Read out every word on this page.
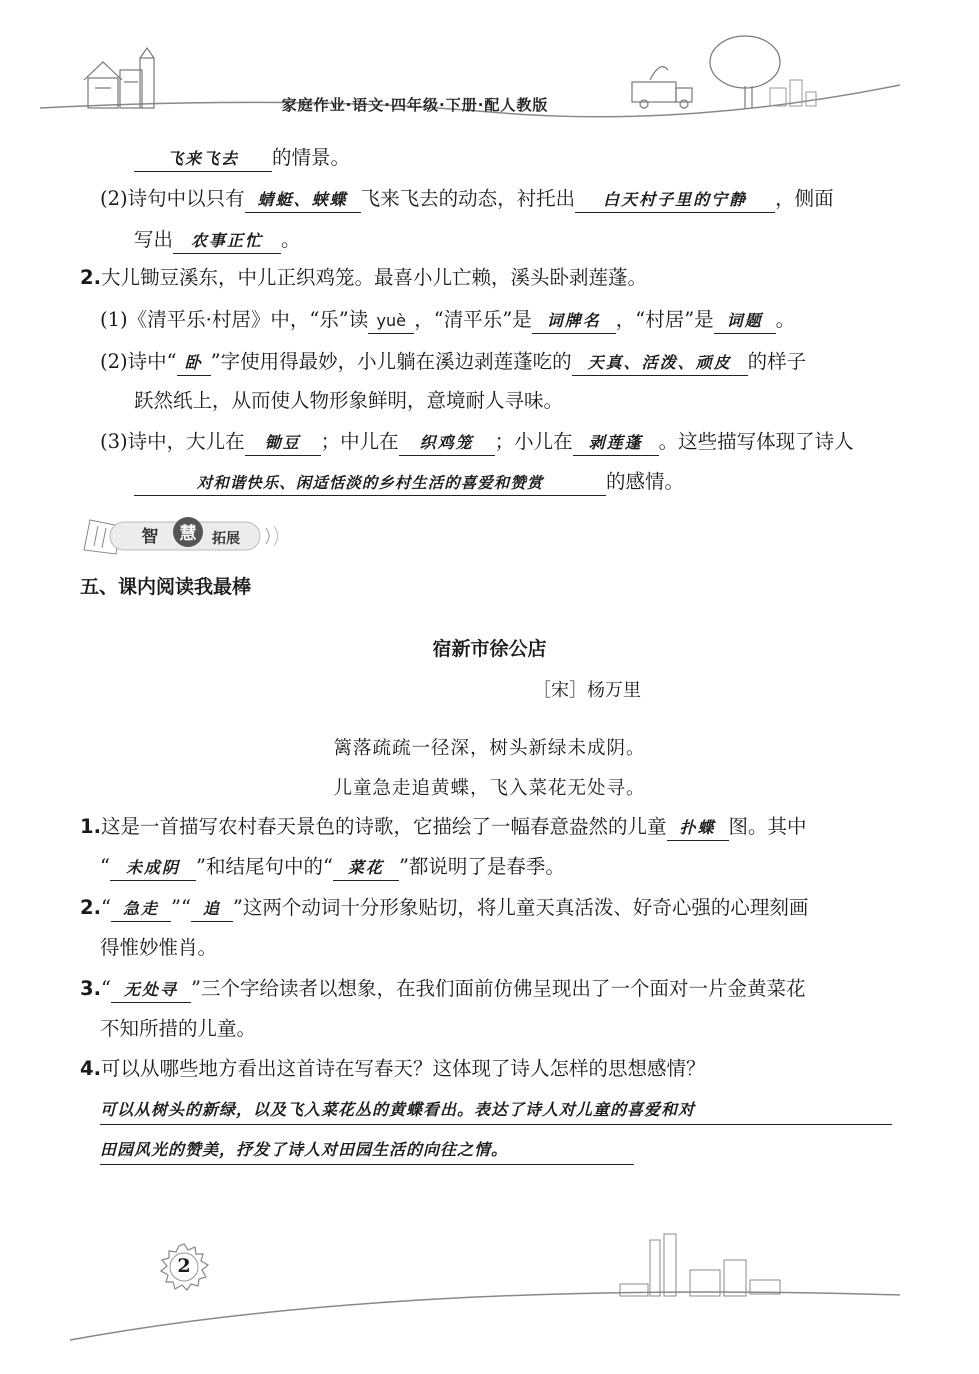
家庭作业·语文·四年级·下册·配人教版
飞来飞去 的情景。
(2)诗句中以只有 蜻蜓、蛱蝶 飞来飞去的动态，衬托出 白天村子里的宁静 ，侧面
写出 农事正忙 。
2.大儿锄豆溪东，中儿正织鸡笼。最喜小儿亡赖，溪头卧剥莲蓬。
(1)《清平乐·村居》中，“乐”读 yuè ，“清平乐”是 词牌名 ，“村居”是 词题 。
(2)诗中“ 卧 ”字使用得最妙，小儿躺在溪边剥莲蓬吃的 天真、活泼、顽皮 的样子
跃然纸上，从而使人物形象鲜明，意境耐人寻味。
(3)诗中，大儿在 锄豆 ；中儿在 织鸡笼 ；小儿在 剥莲蓬 。这些描写体现了诗人
对和谐快乐、闲适恬淡的乡村生活的喜爱和赞赏	的感情。
智 慧 拓展
五、课内阅读我最棒
宿新市徐公店
［宋］杨万里
篱落疏疏一径深，树头新绿未成阴。
儿童急走追黄蝶，飞入菜花无处寻。
1.这是一首描写农村春天景色的诗歌，它描绘了一幅春意盎然的儿童 扑蝶 图。其中
“ 未成阴 ”和结尾句中的“ 菜花 ”都说明了是春季。
2.“ 急走 ”“ 追 ”这两个动词十分形象贴切，将儿童天真活泼、好奇心强的心理刻画
得惟妙惟肖。
3.“ 无处寻 ”三个字给读者以想象，在我们面前仿佛呈现出了一个面对一片金黄菜花
不知所措的儿童。
4.可以从哪些地方看出这首诗在写春天？这体现了诗人怎样的思想感情？
可以从树头的新绿，以及飞入菜花丛的黄蝶看出。表达了诗人对儿童的喜爱和对
田园风光的赞美，抒发了诗人对田园生活的向往之情。
2
